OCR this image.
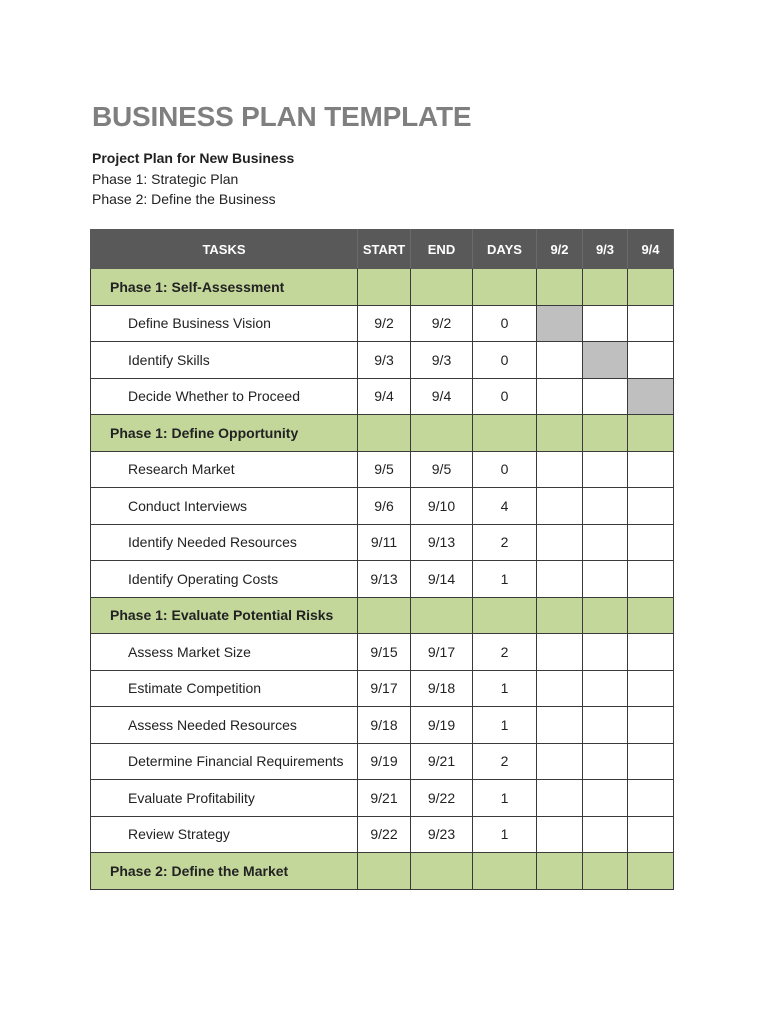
BUSINESS PLAN TEMPLATE
Project Plan for New Business
Phase 1: Strategic Plan
Phase 2: Define the Business
TASKS	START	END	DAYS	9/2	9/3	9/4
Phase 1: Self-Assessment						
Define Business Vision	9/2	9/2	0			
Identify Skills	9/3	9/3	0			
Decide Whether to Proceed	9/4	9/4	0			
Phase 1: Define Opportunity						
Research Market	9/5	9/5	0			
Conduct Interviews	9/6	9/10	4			
Identify Needed Resources	9/11	9/13	2			
Identify Operating Costs	9/13	9/14	1			
Phase 1: Evaluate Potential Risks						
Assess Market Size	9/15	9/17	2			
Estimate Competition	9/17	9/18	1			
Assess Needed Resources	9/18	9/19	1			
Determine Financial Requirements	9/19	9/21	2			
Evaluate Profitability	9/21	9/22	1			
Review Strategy	9/22	9/23	1			
Phase 2: Define the Market						
